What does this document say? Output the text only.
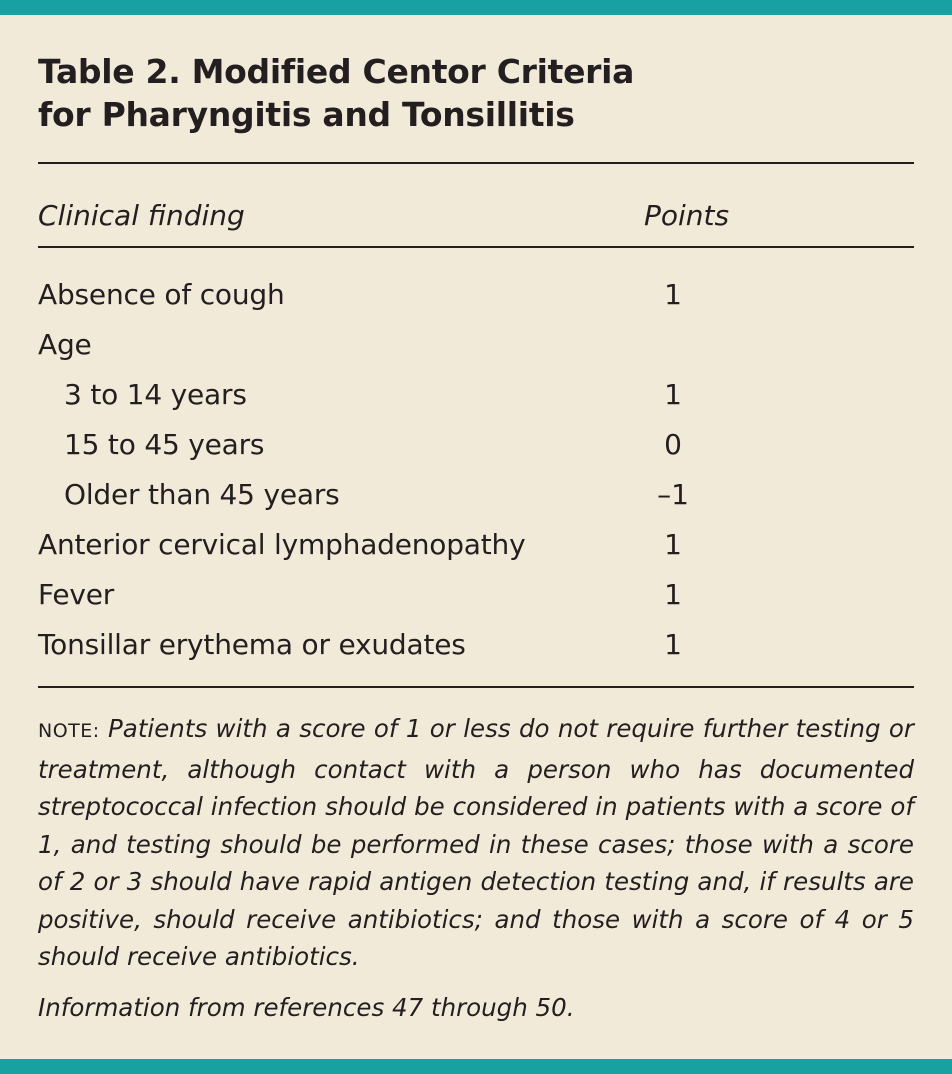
Table 2. Modified Centor Criteria
for Pharyngitis and Tonsillitis
Clinical finding	Points
Absence of cough	1
Age
3 to 14 years	1
15 to 45 years	0
Older than 45 years	–1
Anterior cervical lymphadenopathy	1
Fever	1
Tonsillar erythema or exudates	1
NOTE: Patients with a score of 1 or less do not require further testing or treatment, although contact with a person who has documented streptococcal infection should be considered in patients with a score of 1, and testing should be performed in these cases; those with a score of 2 or 3 should have rapid antigen detection testing and, if results are positive, should receive antibiotics; and those with a score of 4 or 5 should receive antibiotics.
Information from references 47 through 50.
